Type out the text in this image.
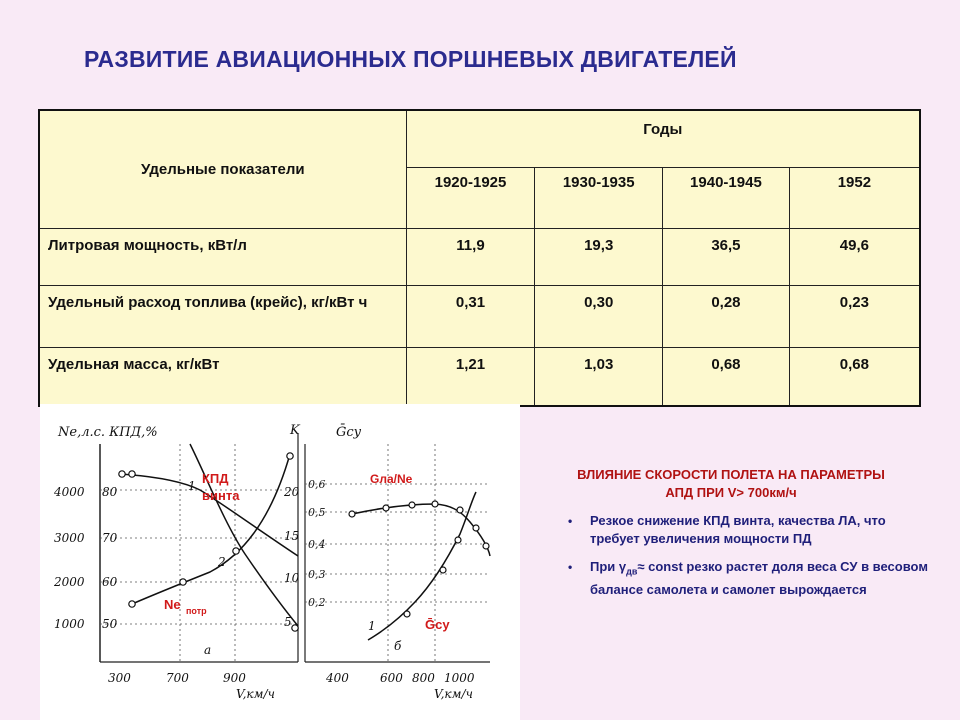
РАЗВИТИЕ АВИАЦИОННЫХ ПОРШНЕВЫХ ДВИГАТЕЛЕЙ
Удельные показатели	Годы			
	1920-1925	1930-1935	1940-1945	1952
Литровая мощность, кВт/л	11,9	19,3	36,5	49,6
Удельный расход топлива (крейс), кг/кВт ч	0,31	0,30	0,28	0,23
Удельная масса, кг/кВт	1,21	1,03	0,68	0,68
Ne,л.с. КПД,%	K
4000
3000
2000
1000
80
70
60
50
20
15
10
5
300	700	900
V,км/ч
1
2
a
КПД
винта
Ne потр
Ḡсу
0,6
0,5
0,4
0,3
0,2
400	600 800 1000
V,км/ч
1
б
Gла/Ne
Ḡсу
ВЛИЯНИЕ СКОРОСТИ ПОЛЕТА НА ПАРАМЕТРЫ АПД ПРИ V> 700км/ч
• Резкое снижение КПД винта, качества ЛА, что требует увеличения мощности ПД
• При $\gamma_{дв}\approx$ const резко растет доля веса СУ в весовом балансе самолета и самолет вырождается
